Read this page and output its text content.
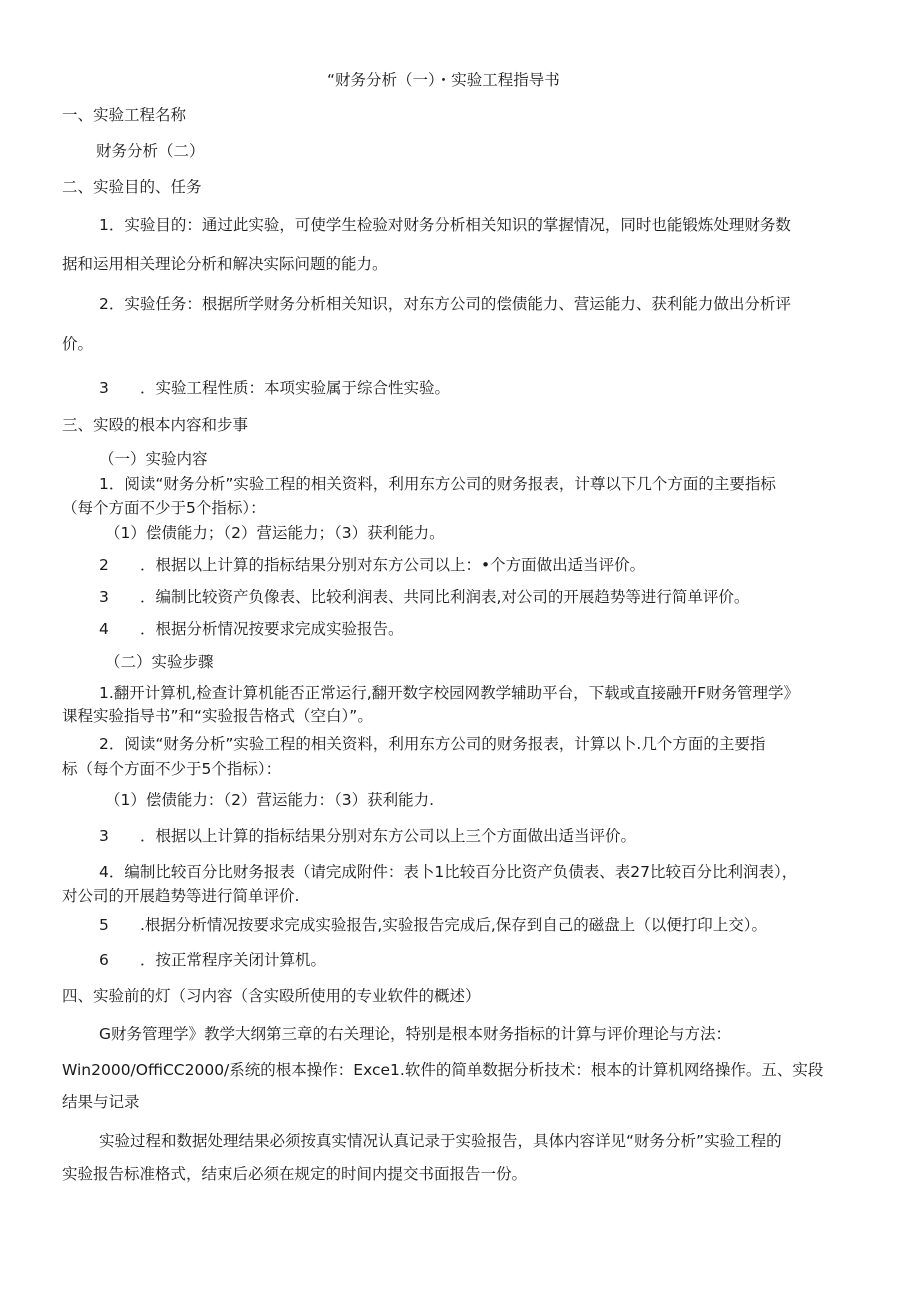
“财务分析（一）・实验工程指导书
一、实验工程名称
财务分析（二）
二、实验目的、任务
1．实验目的：通过此实验，可使学生检验对财务分析相关知识的掌握情况，同时也能锻炼处理财务数
据和运用相关理论分析和解决实际问题的能力。
2．实验任务：根据所学财务分析相关知识，对东方公司的偿债能力、营运能力、获利能力做出分析评
价。
3 ．实验工程性质：本项实验属于综合性实验。
三、实殴的根本内容和步事
（一）实验内容
1．阅读“财务分析”实验工程的相关资料，利用东方公司的财务报表，计尊以下几个方面的主要指标
（每个方面不少于5个指标）：
（1）偿债能力；（2）营运能力；（3）获利能力。
2 ．根据以上计算的指标结果分别对东方公司以上：•个方面做出适当评价。
3 ．编制比较资产负像表、比较利润表、共同比利润表,对公司的开展趋势等进行简单评价。
4 ．根据分析情况按要求完成实验报告。
（二）实验步骤
1.翻开计算机,检查计算机能否正常运行,翻开数字校园网教学辅助平台，下载或直接融开F财务管理学》
课程实验指导书”和“实验报告格式（空白）”。
2．阅读“财务分析”实验工程的相关资料，利用东方公司的财务报表，计算以卜.几个方面的主要指
标（每个方面不少于5个指标）：
（1）偿债能力：（2）营运能力：（3）获利能力.
3 ．根据以上计算的指标结果分别对东方公司以上三个方面做出适当评价。
4．编制比较百分比财务报表（请完成附件：表卜1比较百分比资产负债表、表27比较百分比利润表），
对公司的开展趋势等进行简单评价.
5 .根据分析情况按要求完成实验报告,实验报告完成后,保存到自己的磁盘上（以便打印上交）。
6 ．按正常程序关闭计算机。
四、实验前的灯（习内容（含实殴所使用的专业软件的概述）
G财务管理学》教学大纲第三章的右关理论，特别是根本财务指标的计算与评价理论与方法：
Win2000/OffiCC2000/系统的根本操作：Exce1.软件的简单数据分析技术：根本的计算机网络操作。五、实段
结果与记录
实验过程和数据处理结果必须按真实情况认真记录于实验报告，具体内容详见“财务分析”实验工程的
实验报告标准格式，结束后必须在规定的时间内提交书面报告一份。
